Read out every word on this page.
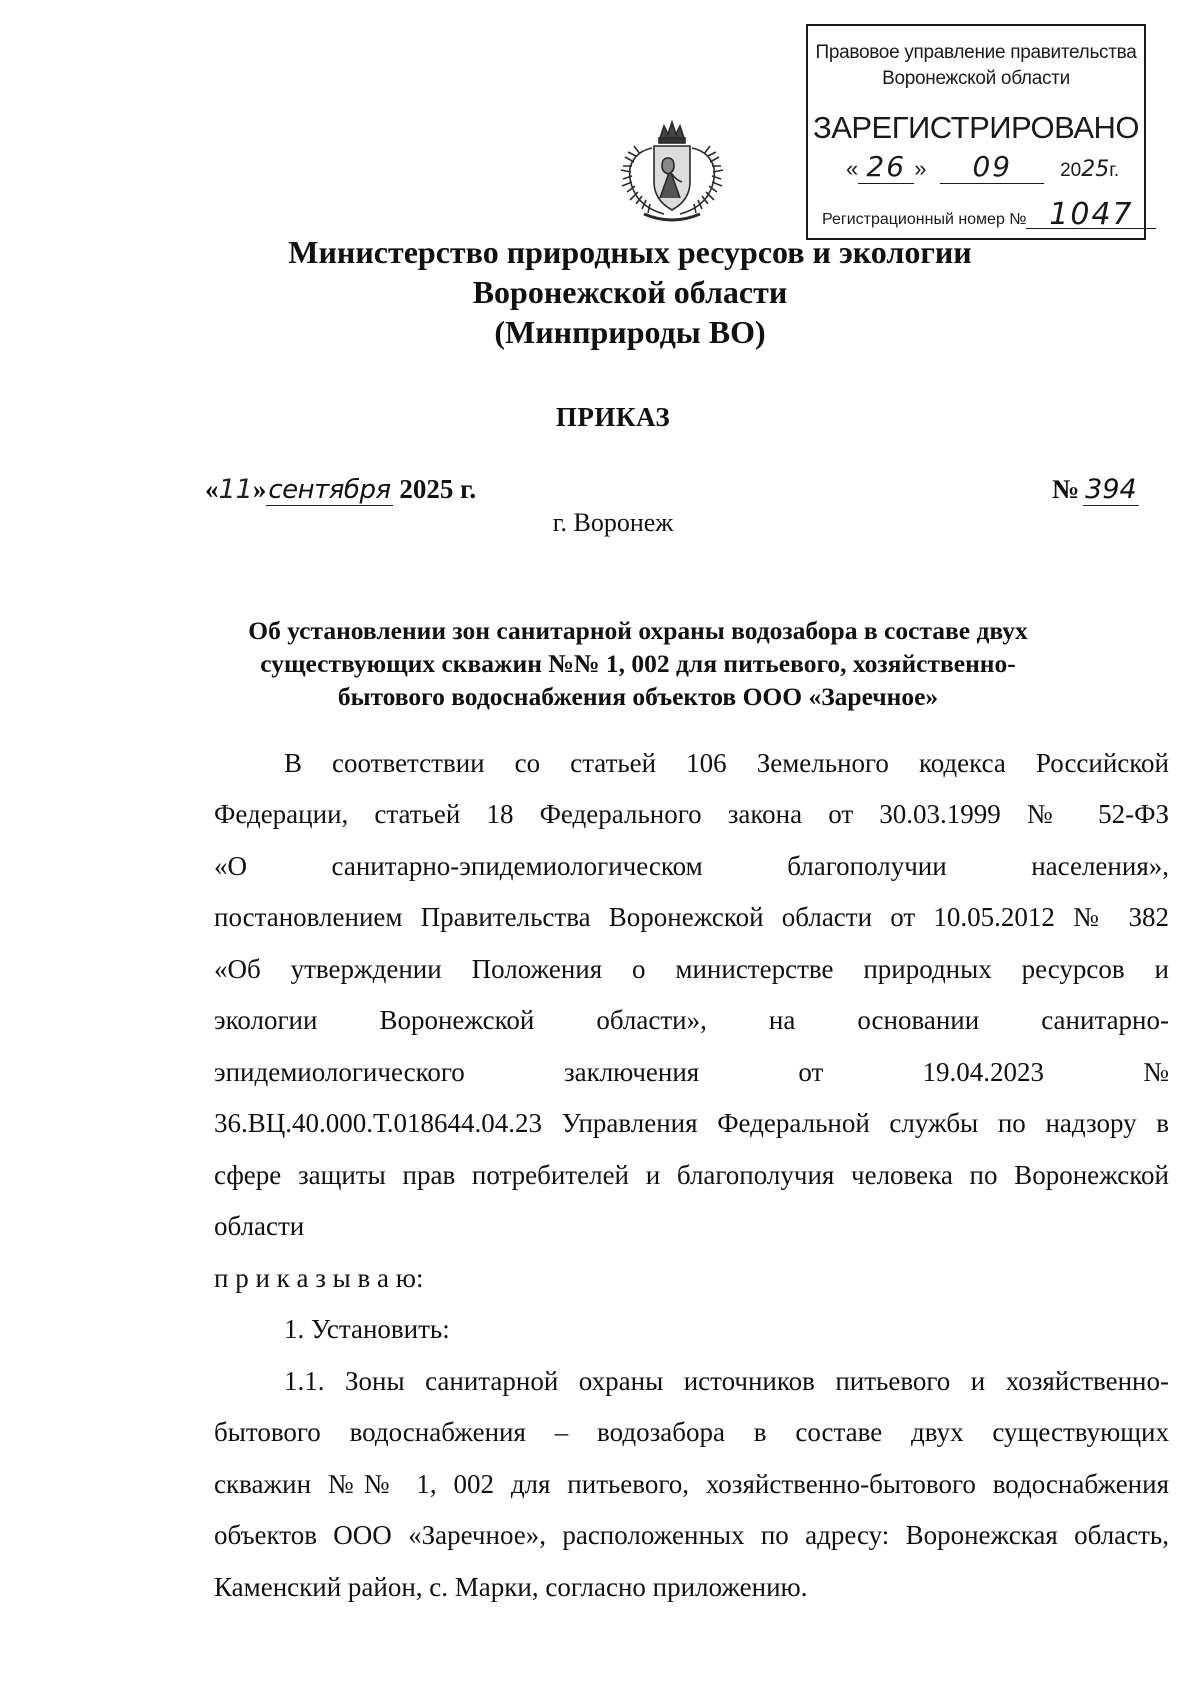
Правовое управление правительства
Воронежской области
ЗАРЕГИСТРИРОВАНО
« 26 » 09	2025г.
Регистрационный номер № 1047
Министерство природных ресурсов и экологии
Воронежской области
(Минприроды ВО)
ПРИКАЗ
«11»сентября 2025 г.	№ 394
г. Воронеж
Об установлении зон санитарной охраны водозабора в составе двух
существующих скважин №№ 1, 002 для питьевого, хозяйственно-
бытового водоснабжения объектов ООО «Заречное»
В соответствии со статьей 106 Земельного кодекса Российской
Федерации, статьей 18 Федерального закона от 30.03.1999 № 52-ФЗ
«О санитарно-эпидемиологическом благополучии населения»,
постановлением Правительства Воронежской области от 10.05.2012 № 382
«Об утверждении Положения о министерстве природных ресурсов и
экологии Воронежской области», на основании санитарно-
эпидемиологического заключения от 19.04.2023 №
36.ВЦ.40.000.Т.018644.04.23 Управления Федеральной службы по надзору в
сфере защиты прав потребителей и благополучия человека по Воронежской
области
п р и к а з ы в а ю:
1. Установить:
1.1. Зоны санитарной охраны источников питьевого и хозяйственно-
бытового водоснабжения – водозабора в составе двух существующих
скважин №№ 1, 002 для питьевого, хозяйственно-бытового водоснабжения
объектов ООО «Заречное», расположенных по адресу: Воронежская область,
Каменский район, с. Марки, согласно приложению.
